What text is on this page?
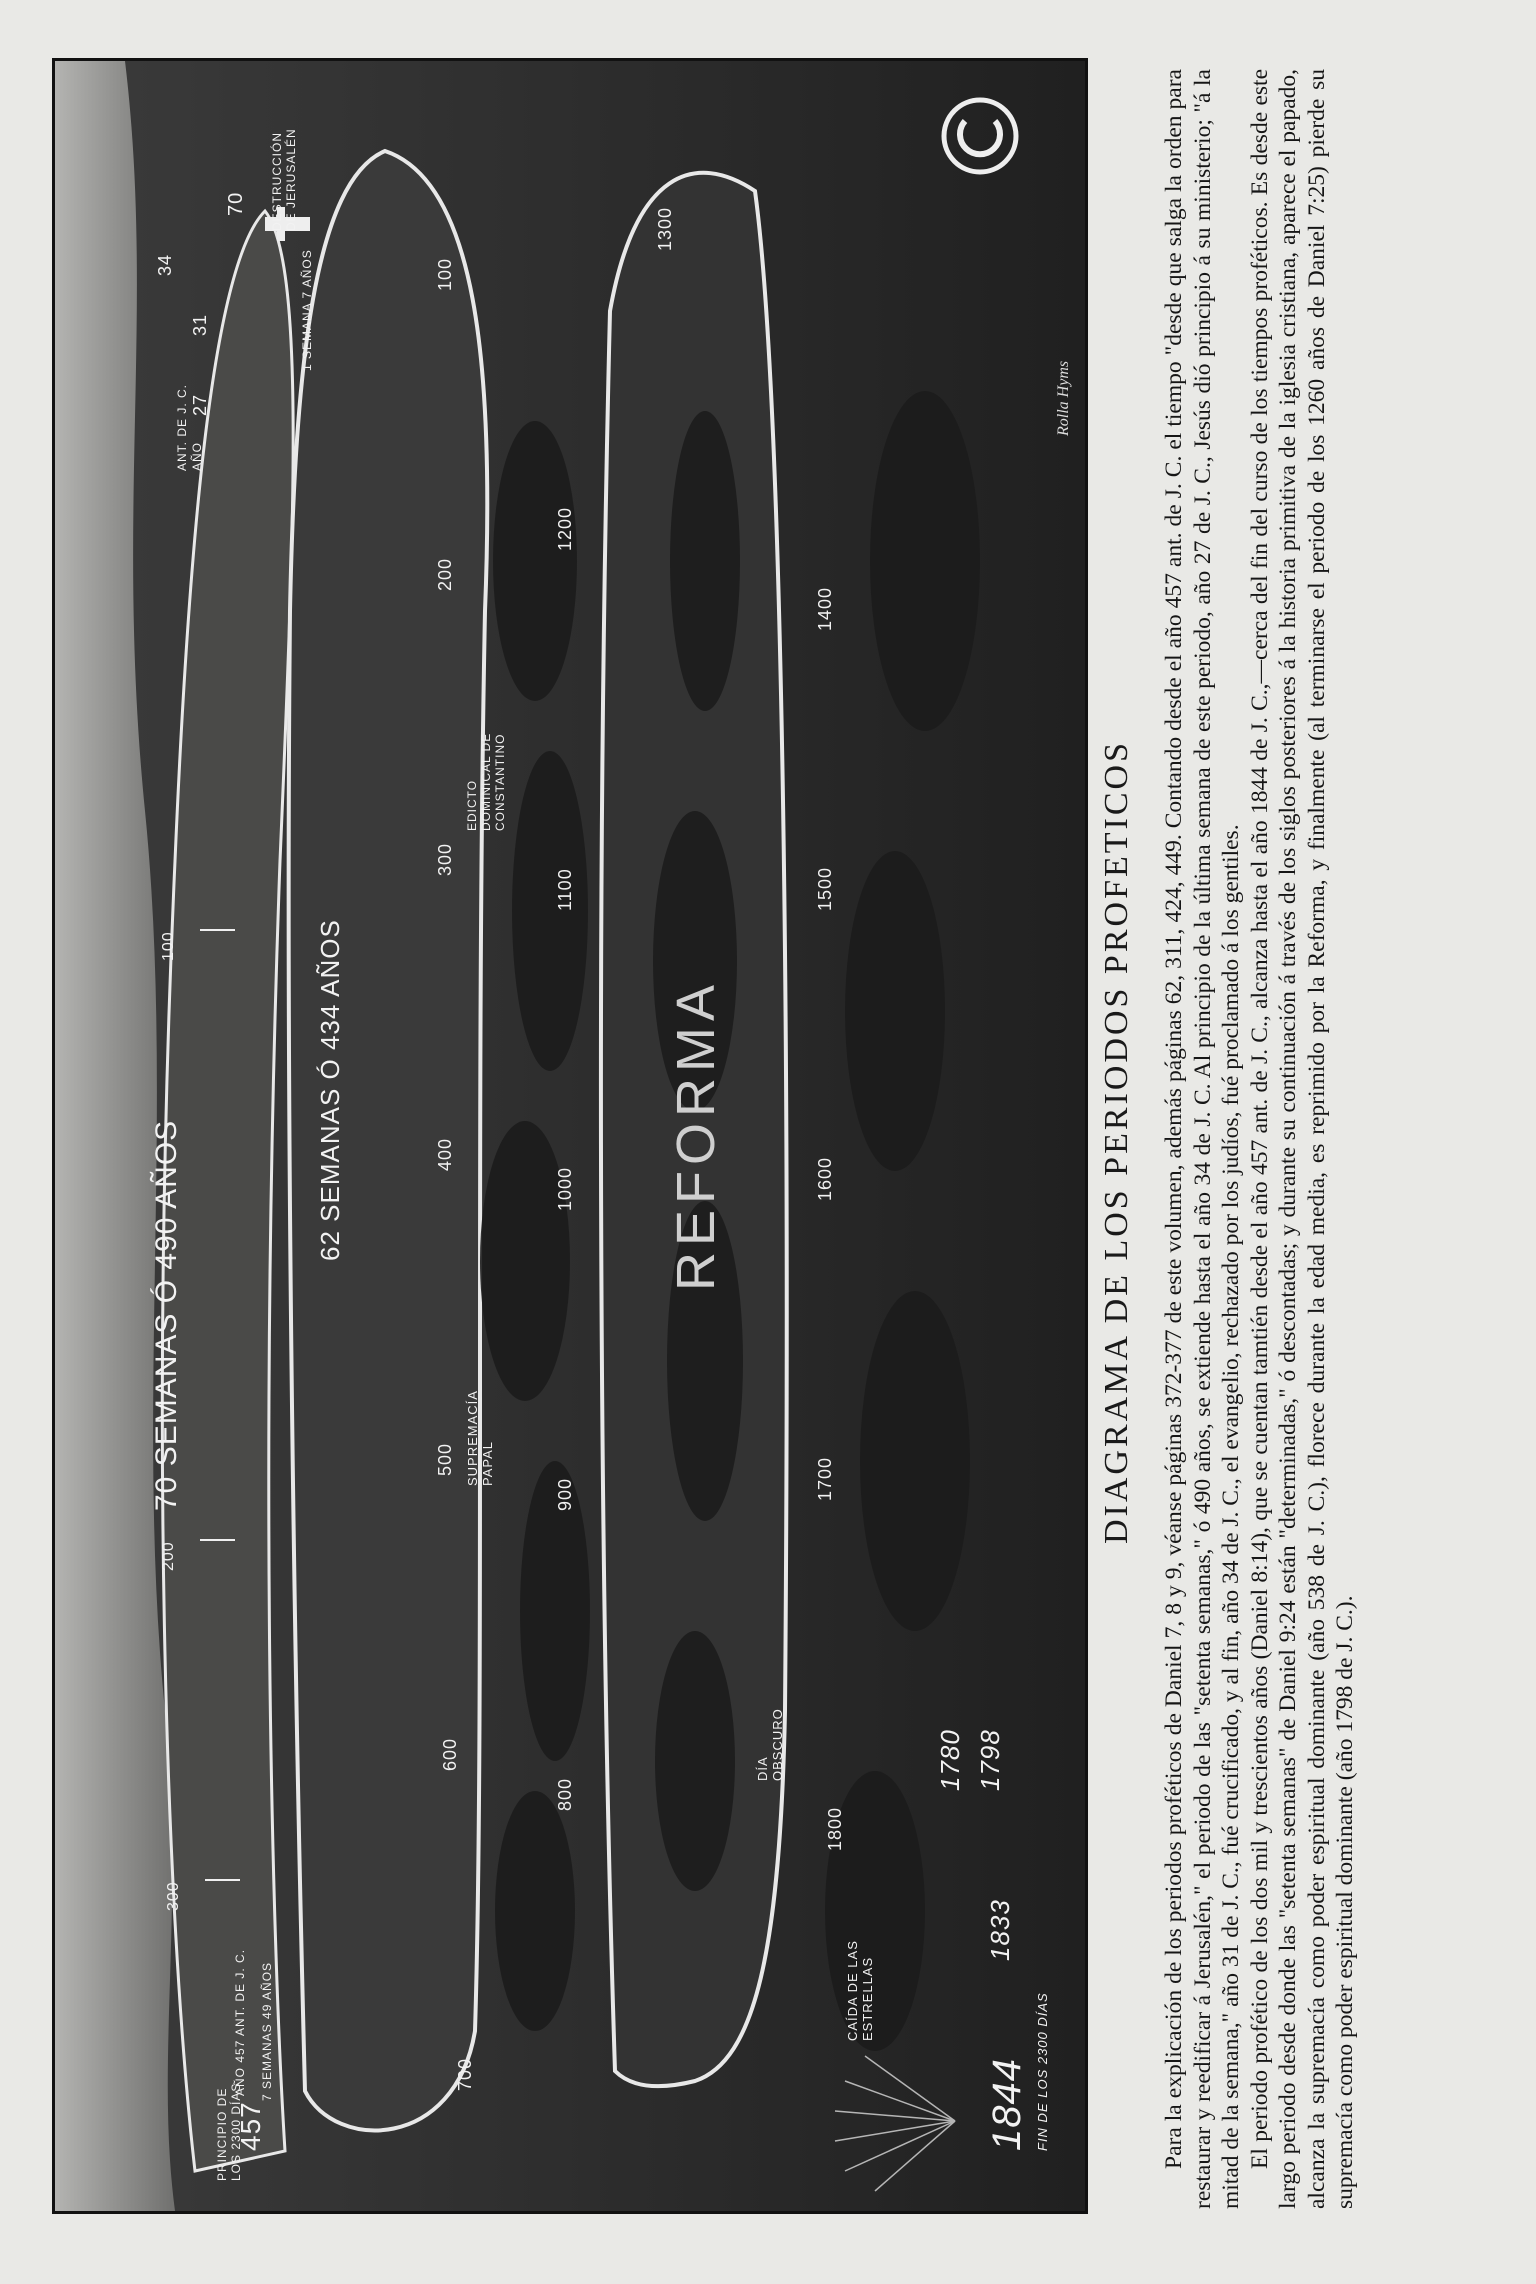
70 SEMANAS Ó 490 AÑOS
62 SEMANAS Ó 434 AÑOS	REFORMA
PRINCIPIO DE LOS 2300 DÍAS
457
AÑO 457 ANT. DE J. C. 7 SEMANAS 49 AÑOS
300
200
100
ANT. DE J. C. AÑO
27
31
34
70 DESTRUCCIÓN DE JERUSALÉN
1 SEMANA 7 AÑOS	100
200
300
400
500
600
700
EDICTO DOMINICAL DE CONSTANTINO
SUPREMACÍA PAPAL
800
900
1000
1100
1200
1300
1400
1500
1600
1700
1800
DÍA OBSCURO
CAÍDA DE LAS ESTRELLAS
1780 1798
1833
1844 FIN DE LOS 2300 DÍAS
Rolla Hyms
DIAGRAMA DE LOS PERIODOS PROFETICOS Para la explicación de los periodos proféticos de Daniel 7, 8 y 9, véanse páginas 372-377 de este volumen, además páginas 62, 311, 424, 449. Contando desde el año 457 ant. de J. C. el tiempo "desde que salga la orden para restaurar y reedificar á Jerusalén," el periodo de las "setenta semanas," ó 490 años, se extiende hasta el año 34 de J. C. Al principio de la última semana de este periodo, año 27 de J. C., Jesús dió principio á su ministerio; "á la mitad de la semana," año 31 de J. C., fué crucificado, y al fin, año 34 de J. C., el evangelio, rechazado por los judíos, fué proclamado á los gentiles. El periodo profético de los dos mil y trescientos años (Daniel 8:14), que se cuentan tamtién desde el año 457 ant. de J. C., alcanza hasta el año 1844 de J. C.,—cerca del fin del curso de los tiempos proféticos. Es desde este largo periodo desde donde las "setenta semanas" de Daniel 9:24 están "determinadas," ó descontadas; y durante su continuación á través de los siglos posteriores á la historia primitiva de la iglesia cristiana, aparece el papado, alcanza la supremacía como poder espiritual dominante (año 538 de J. C.), florece durante la edad media, es reprimido por la Reforma, y finalmente (al terminarse el periodo de los 1260 años de Daniel 7:25) pierde su supremacía como poder espiritual dominante (año 1798 de J. C.).
